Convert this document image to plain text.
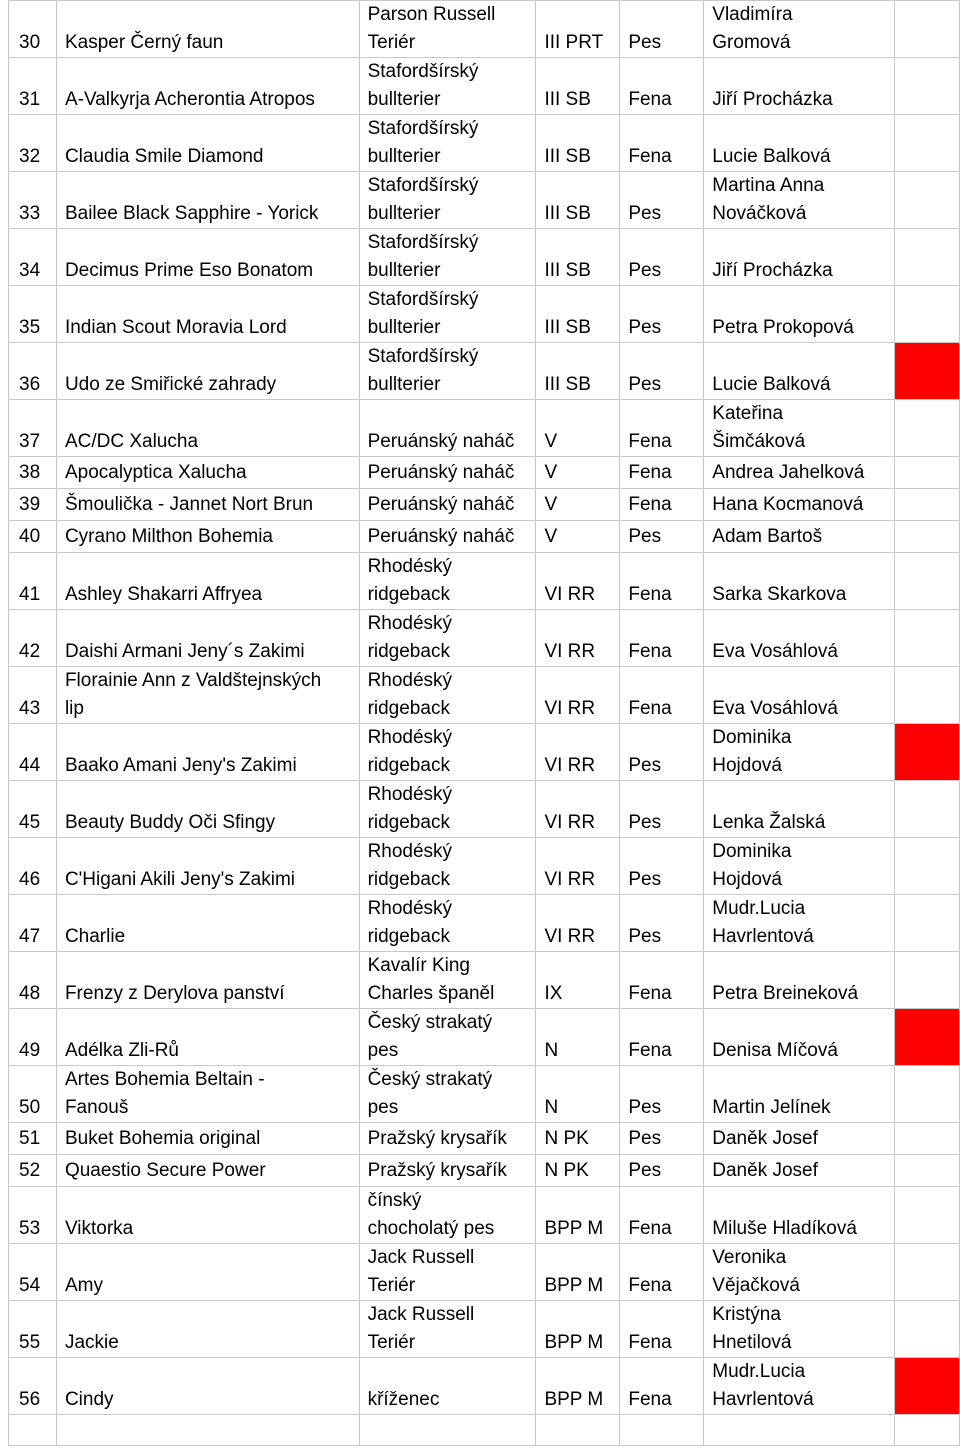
30	Kasper Černý faun	Parson Russell
Teriér	III PRT	Pes	Vladimíra
Gromová	
31	A-Valkyrja Acherontia Atropos	Stafordšírský
bullterier	III SB	Fena	Jiří Procházka	
32	Claudia Smile Diamond	Stafordšírský
bullterier	III SB	Fena	Lucie Balková	
33	Bailee Black Sapphire - Yorick	Stafordšírský
bullterier	III SB	Pes	Martina Anna
Nováčková	
34	Decimus Prime Eso Bonatom	Stafordšírský
bullterier	III SB	Pes	Jiří Procházka	
35	Indian Scout Moravia Lord	Stafordšírský
bullterier	III SB	Pes	Petra Prokopová	
36	Udo ze Smiřické zahrady	Stafordšírský
bullterier	III SB	Pes	Lucie Balková	
37	AC/DC Xalucha	Peruánský naháč	V	Fena	Kateřina
Šimčáková	
38	Apocalyptica Xalucha	Peruánský naháč	V	Fena	Andrea Jahelková	
39	Šmoulička - Jannet Nort Brun	Peruánský naháč	V	Fena	Hana Kocmanová	
40	Cyrano Milthon Bohemia	Peruánský naháč	V	Pes	Adam Bartoš	
41	Ashley Shakarri Affryea	Rhodéský
ridgeback	VI RR	Fena	Sarka Skarkova	
42	Daishi Armani Jeny´s Zakimi	Rhodéský
ridgeback	VI RR	Fena	Eva Vosáhlová	
43	Florainie Ann z Valdštejnských
lip	Rhodéský
ridgeback	VI RR	Fena	Eva Vosáhlová	
44	Baako Amani Jeny's Zakimi	Rhodéský
ridgeback	VI RR	Pes	Dominika
Hojdová	
45	Beauty Buddy Oči Sfingy	Rhodéský
ridgeback	VI RR	Pes	Lenka Žalská	
46	C'Higani Akili Jeny's Zakimi	Rhodéský
ridgeback	VI RR	Pes	Dominika
Hojdová	
47	Charlie	Rhodéský
ridgeback	VI RR	Pes	Mudr.Lucia
Havrlentová	
48	Frenzy z Derylova panství	Kavalír King
Charles španěl	IX	Fena	Petra Breineková	
49	Adélka Zli-Rů	Český strakatý
pes	N	Fena	Denisa Míčová	
50	Artes Bohemia Beltain -
Fanouš	Český strakatý
pes	N	Pes	Martin Jelínek	
51	Buket Bohemia original	Pražský krysařík	N PK	Pes	Daněk Josef	
52	Quaestio Secure Power	Pražský krysařík	N PK	Pes	Daněk Josef	
53	Viktorka	čínský
chocholatý pes	BPP M	Fena	Miluše Hladíková	
54	Amy	Jack Russell
Teriér	BPP M	Fena	Veronika
Vějačková	
55	Jackie	Jack Russell
Teriér	BPP M	Fena	Kristýna
Hnetilová	
56	Cindy	kříženec	BPP M	Fena	Mudr.Lucia
Havrlentová	
